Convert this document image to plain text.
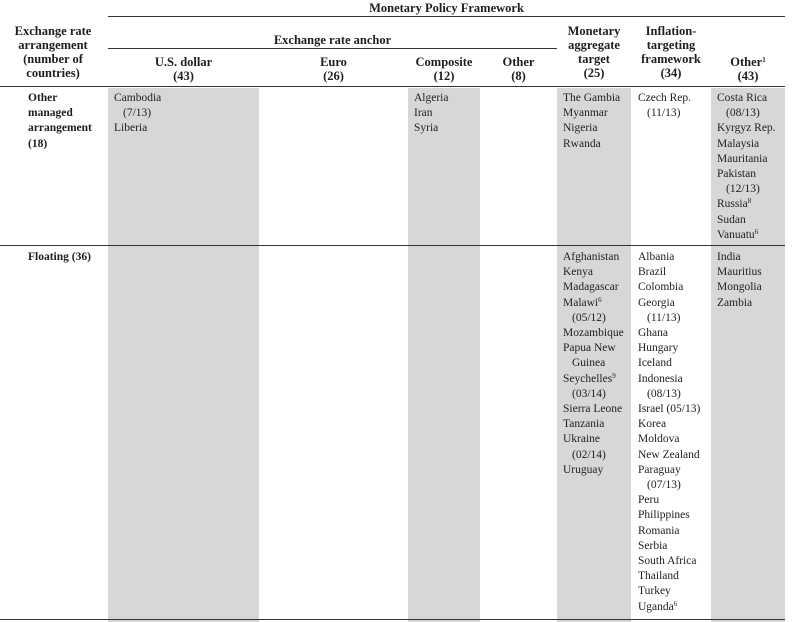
Monetary Policy Framework
Exchange rate
arrangement
(number of
countries)
Exchange rate anchor
U.S. dollar
(43)
Euro
(26)
Composite
(12)
Other
(8)
Monetary
aggregate
target
(25)
Inflation-
targeting
framework
(34)
Other$^1$
(43)
Other
managed
arrangement
(18)
Floating (36)
Cambodia
(7/13)
Liberia
Algeria
Iran
Syria
The Gambia
Myanmar
Nigeria
Rwanda
Czech Rep.
(11/13)
Costa Rica
(08/13)
Kyrgyz Rep.
Malaysia
Mauritania
Pakistan
(12/13)
Russia$^8$
Sudan
Vanuatu$^6$
Afghanistan
Kenya
Madagascar
Malawi$^6$
(05/12)
Mozambique
Papua New
Guinea
Seychelles$^9$
(03/14)
Sierra Leone
Tanzania
Ukraine
(02/14)
Uruguay
Albania
Brazil
Colombia
Georgia
(11/13)
Ghana
Hungary
Iceland
Indonesia
(08/13)
Israel (05/13)
Korea
Moldova
New Zealand
Paraguay
(07/13)
Peru
Philippines
Romania
Serbia
South Africa
Thailand
Turkey
Uganda$^6$
India
Mauritius
Mongolia
Zambia
